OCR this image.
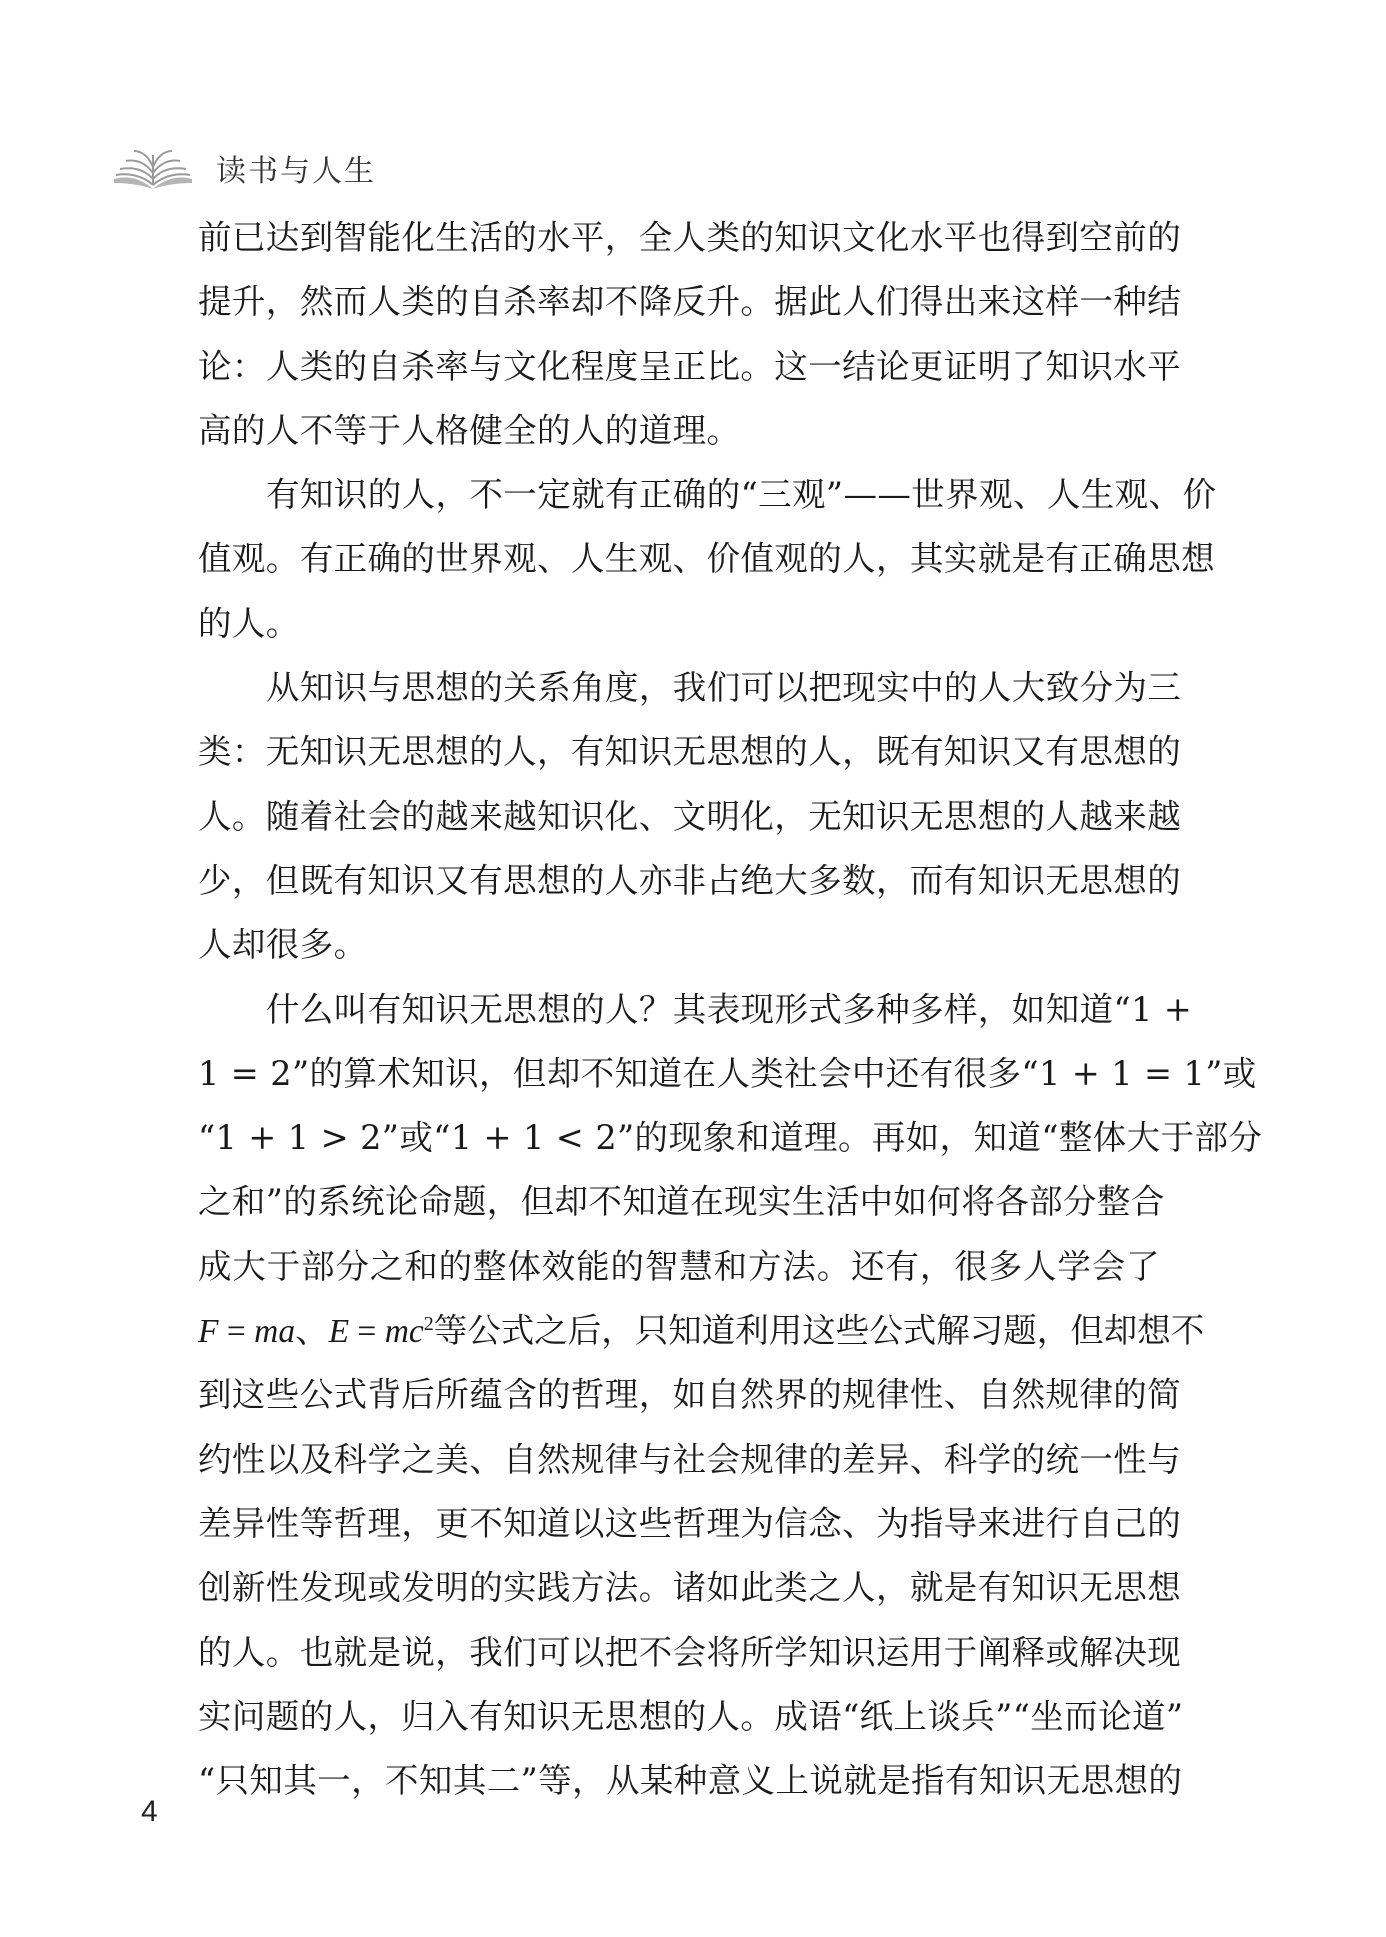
读书与人生
前已达到智能化生活的水平，全人类的知识文化水平也得到空前的
提升，然而人类的自杀率却不降反升。据此人们得出来这样一种结
论：人类的自杀率与文化程度呈正比。这一结论更证明了知识水平
高的人不等于人格健全的人的道理。
有知识的人，不一定就有正确的“三观”——世界观、人生观、价
值观。有正确的世界观、人生观、价值观的人，其实就是有正确思想
的人。
从知识与思想的关系角度，我们可以把现实中的人大致分为三
类：无知识无思想的人，有知识无思想的人，既有知识又有思想的
人。随着社会的越来越知识化、文明化，无知识无思想的人越来越
少，但既有知识又有思想的人亦非占绝大多数，而有知识无思想的
人却很多。
什么叫有知识无思想的人？其表现形式多种多样，如知道“1 +
1 = 2”的算术知识，但却不知道在人类社会中还有很多“1 + 1 = 1”或
“1 + 1 > 2”或“1 + 1 < 2”的现象和道理。再如，知道“整体大于部分
之和”的系统论命题，但却不知道在现实生活中如何将各部分整合
成大于部分之和的整体效能的智慧和方法。还有，很多人学会了
F = ma、$E = mc^2$ 等公式之后，只知道利用这些公式解习题，但却想不
到这些公式背后所蕴含的哲理，如自然界的规律性、自然规律的简
约性以及科学之美、自然规律与社会规律的差异、科学的统一性与
差异性等哲理，更不知道以这些哲理为信念、为指导来进行自己的
创新性发现或发明的实践方法。诸如此类之人，就是有知识无思想
的人。也就是说，我们可以把不会将所学知识运用于阐释或解决现
实问题的人，归入有知识无思想的人。成语“纸上谈兵”“坐而论道”
“只知其一，不知其二”等，从某种意义上说就是指有知识无思想的
4
